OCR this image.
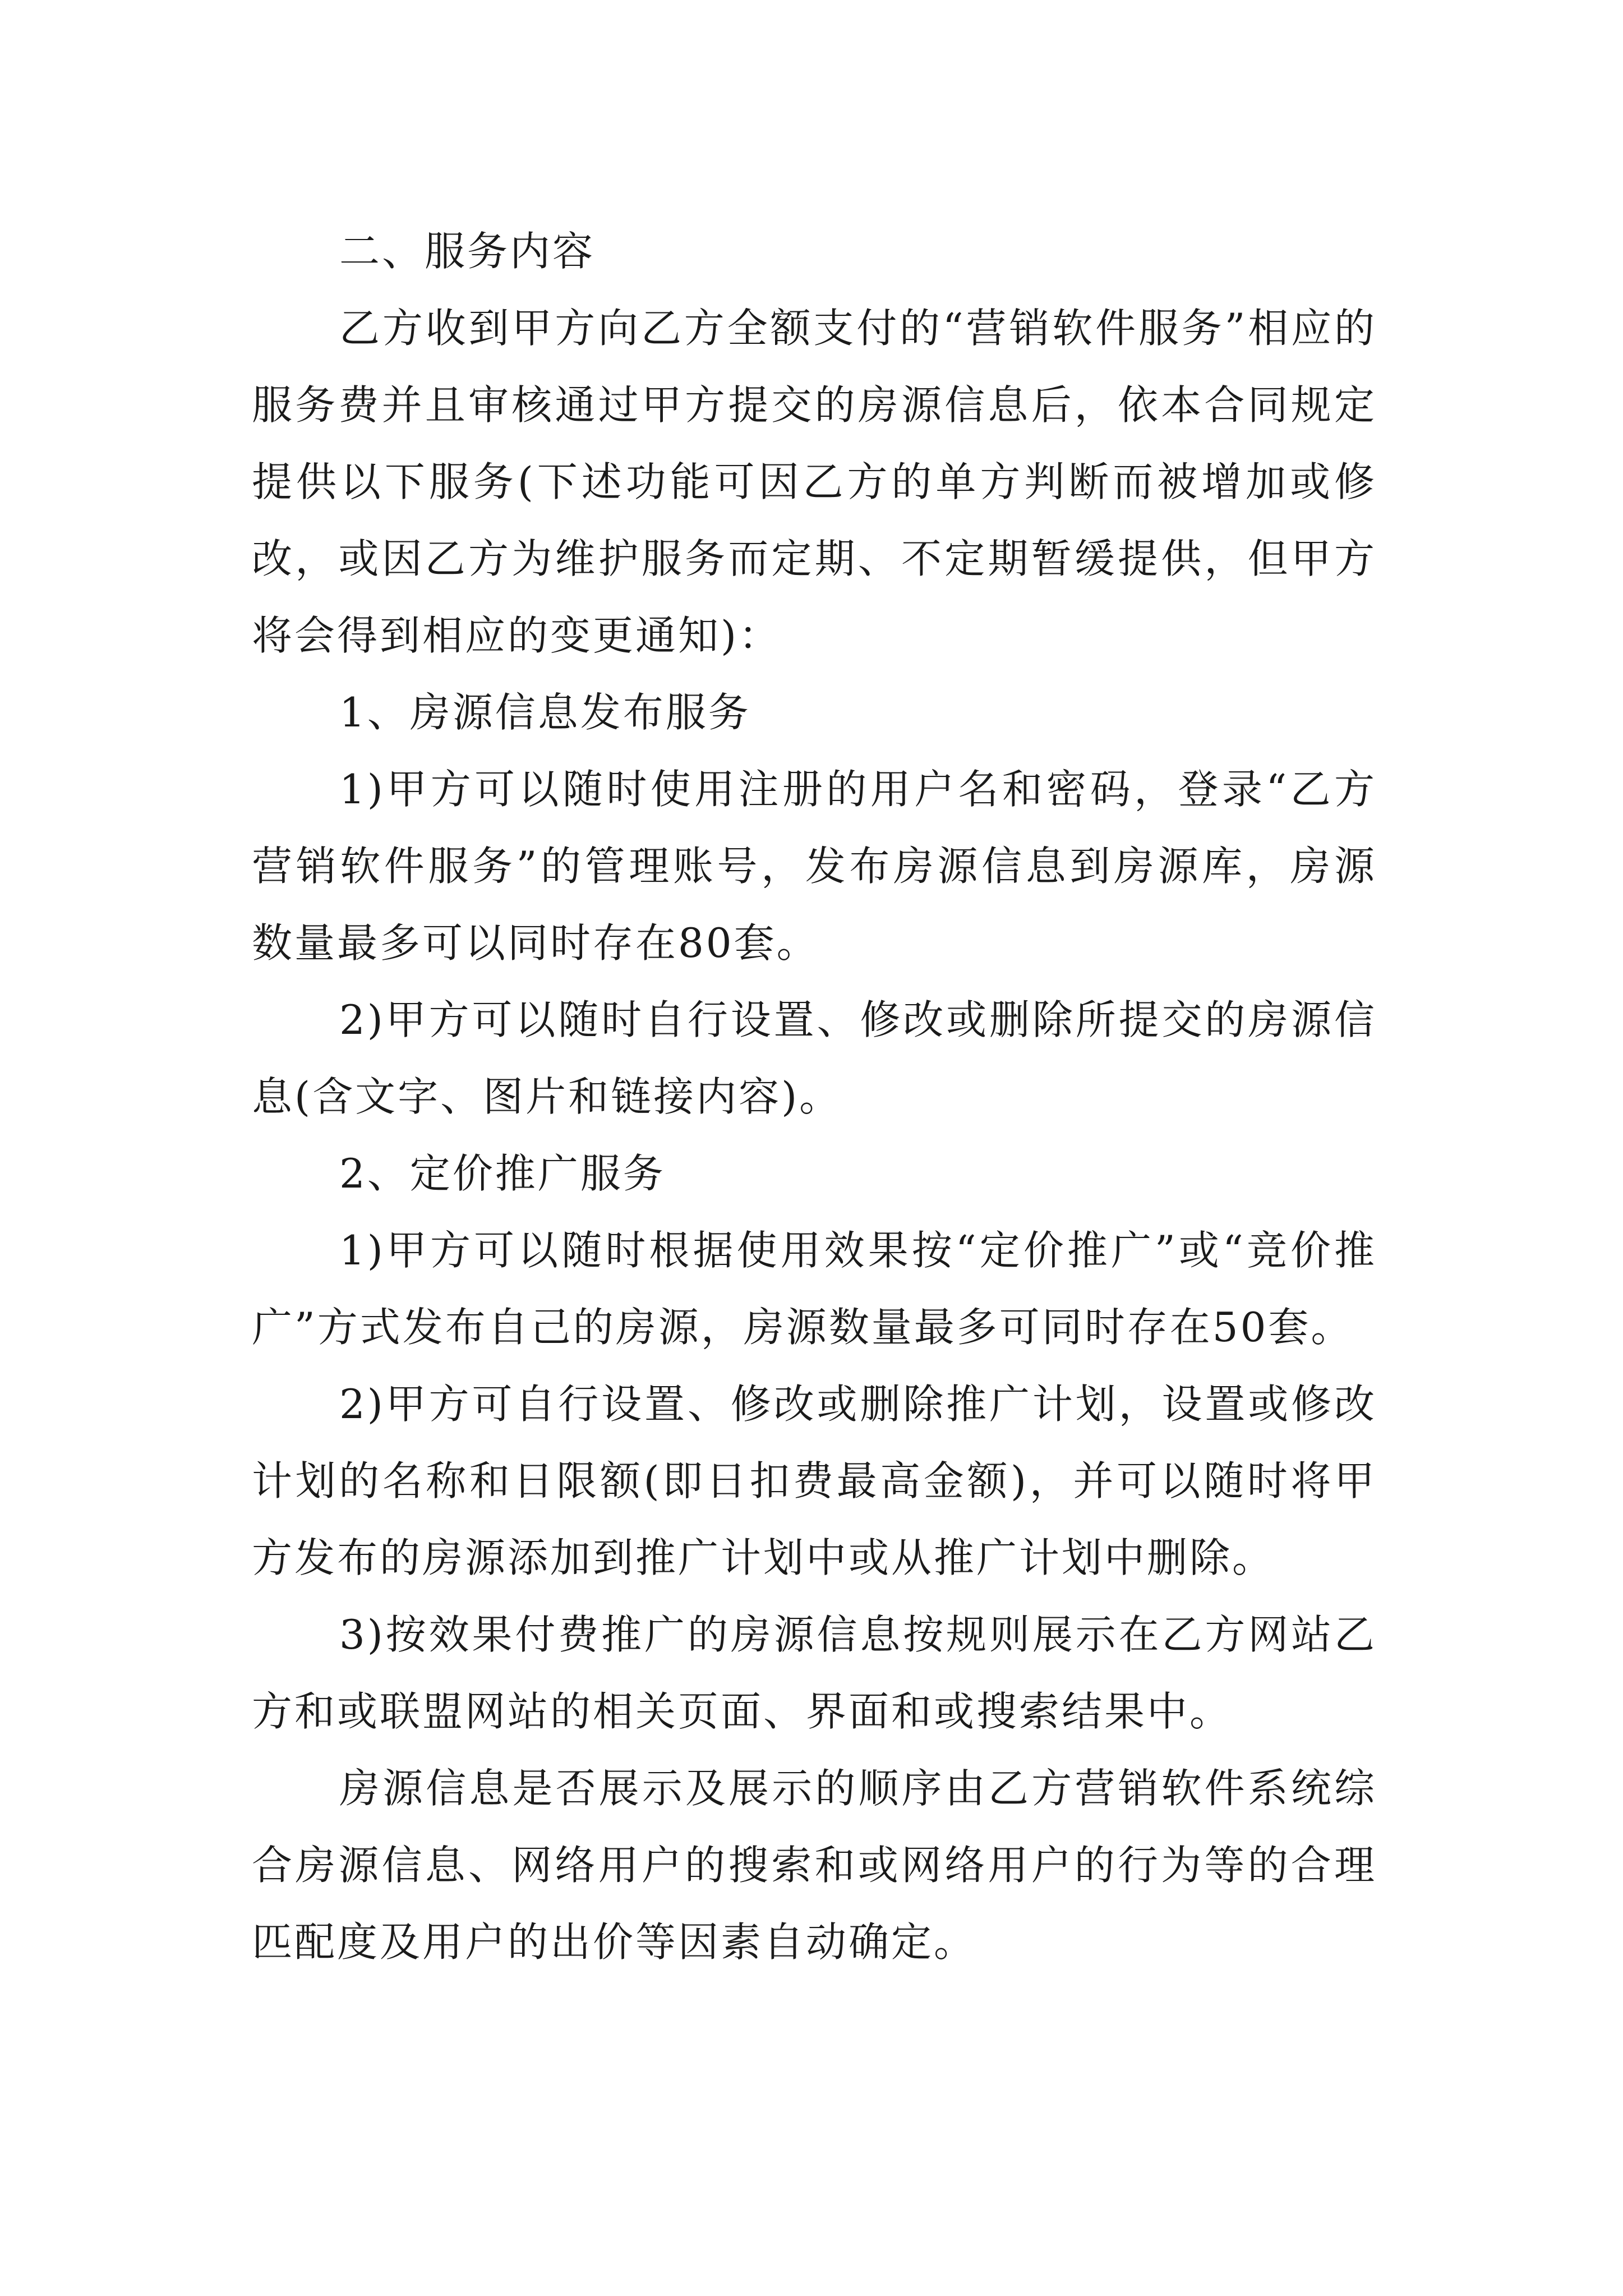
二、服务内容

乙方收到甲方向乙方全额支付的“营销软件服务”相应的服务费并且审核通过甲方提交的房源信息后，依本合同规定提供以下服务(下述功能可因乙方的单方判断而被增加或修改，或因乙方为维护服务而定期、不定期暂缓提供，但甲方将会得到相应的变更通知)：

1、房源信息发布服务

1)甲方可以随时使用注册的用户名和密码，登录“乙方营销软件服务”的管理账号，发布房源信息到房源库，房源数量最多可以同时存在80套。

2)甲方可以随时自行设置、修改或删除所提交的房源信息(含文字、图片和链接内容)。

2、定价推广服务

1)甲方可以随时根据使用效果按“定价推广”或“竞价推广”方式发布自己的房源，房源数量最多可同时存在50套。

2)甲方可自行设置、修改或删除推广计划，设置或修改计划的名称和日限额(即日扣费最高金额)，并可以随时将甲方发布的房源添加到推广计划中或从推广计划中删除。

3)按效果付费推广的房源信息按规则展示在乙方网站乙方和或联盟网站的相关页面、界面和或搜索结果中。

房源信息是否展示及展示的顺序由乙方营销软件系统综合房源信息、网络用户的搜索和或网络用户的行为等的合理匹配度及用户的出价等因素自动确定。
